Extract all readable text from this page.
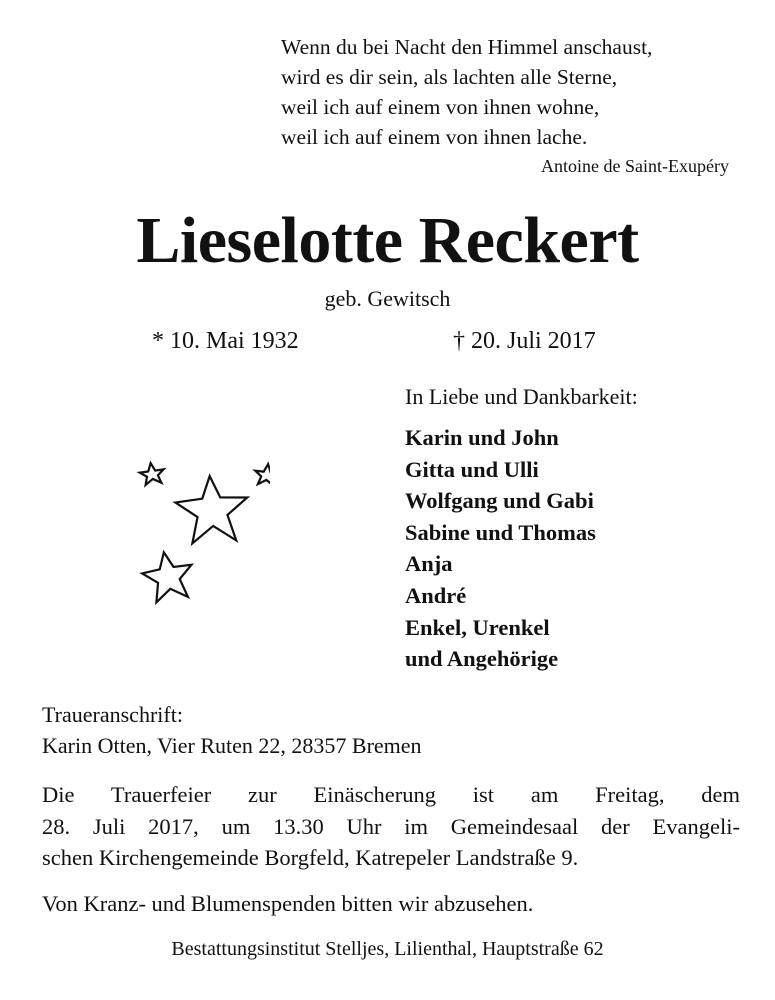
Wenn du bei Nacht den Himmel anschaust,
wird es dir sein, als lachten alle Sterne,
weil ich auf einem von ihnen wohne,
weil ich auf einem von ihnen lache.
Antoine de Saint-Exupéry
Lieselotte Reckert
geb. Gewitsch
* 10. Mai 1932	† 20. Juli 2017
In Liebe und Dankbarkeit:
Karin und John
Gitta und Ulli
Wolfgang und Gabi
Sabine und Thomas
Anja
André
Enkel, Urenkel
und Angehörige
Traueranschrift:
Karin Otten, Vier Ruten 22, 28357 Bremen
Die Trauerfeier zur Einäscherung ist am Freitag, dem
28. Juli 2017, um 13.30 Uhr im Gemeindesaal der Evangeli-
schen Kirchengemeinde Borgfeld, Katrepeler Landstraße 9.
Von Kranz- und Blumenspenden bitten wir abzusehen.
Bestattungsinstitut Stelljes, Lilienthal, Hauptstraße 62
